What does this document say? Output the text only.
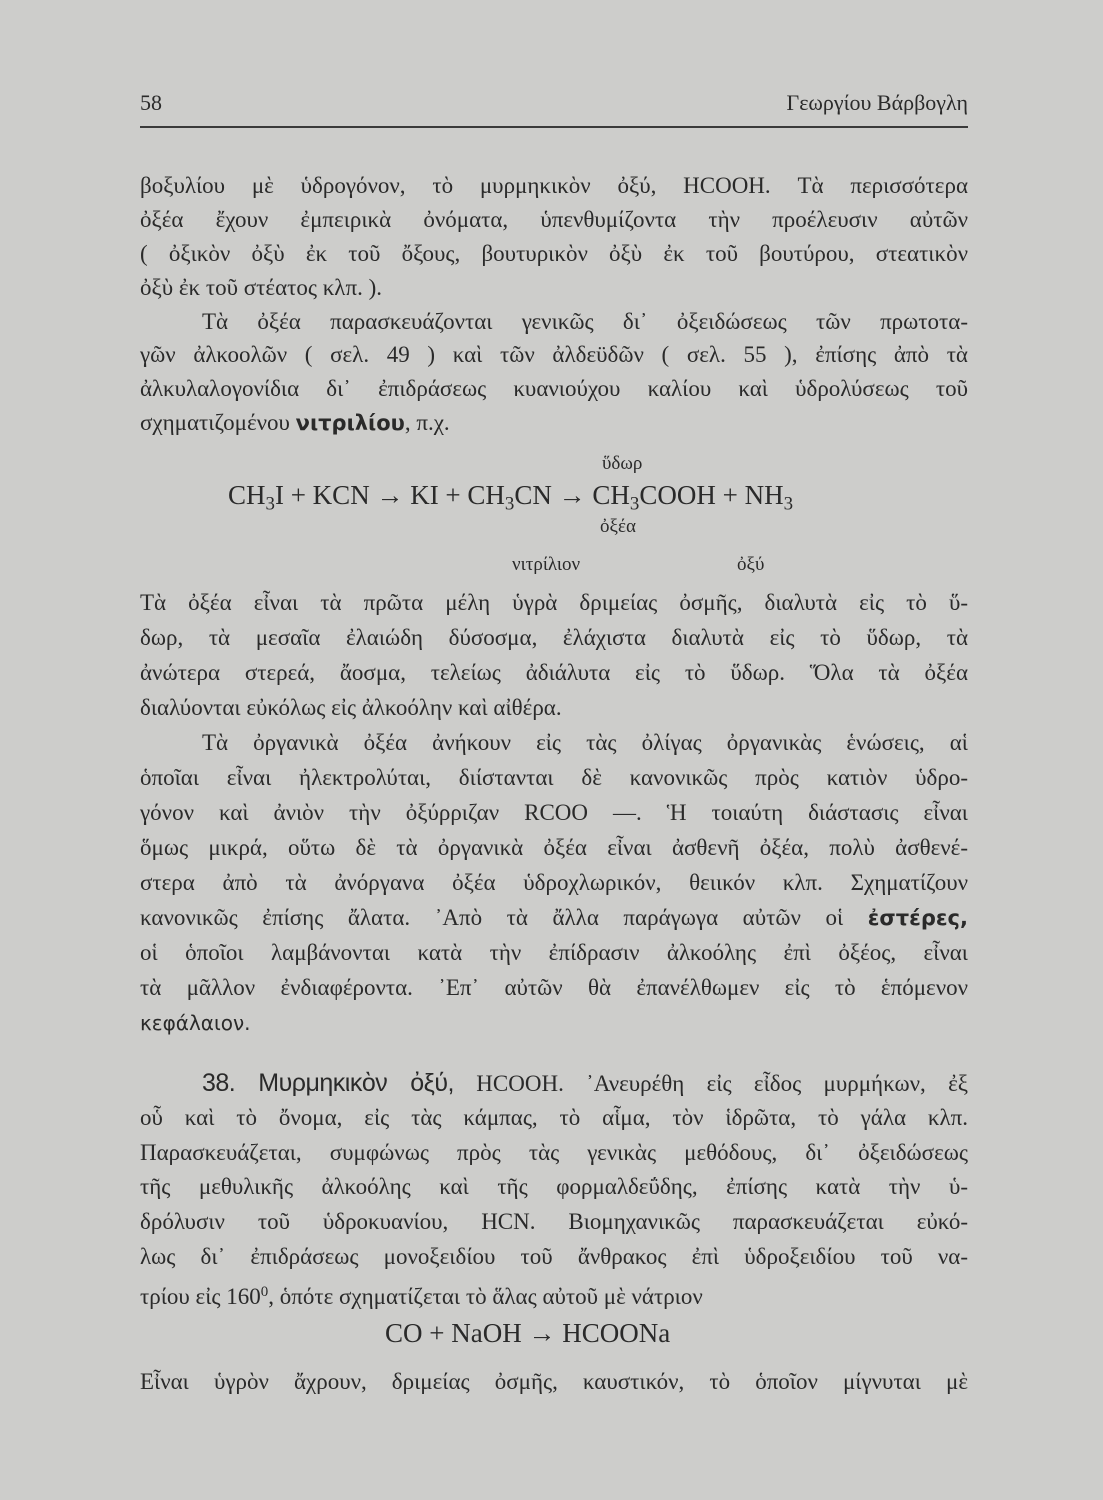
58	Γεωργίου Βάρβογλη
βοξυλίου μὲ ὑδρογόνον, τὸ μυρμηκικὸν ὀξύ, HCOOH. Τὰ περισσότερα
ὀξέα ἔχουν ἐμπειρικὰ ὀνόματα, ὑπενθυμίζοντα τὴν προέλευσιν αὐτῶν
( ὀξικὸν ὀξὺ ἐκ τοῦ ὄξους, βουτυρικὸν ὀξὺ ἐκ τοῦ βουτύρου, στεατικὸν
ὀξὺ ἐκ τοῦ στέατος κλπ. ).
Τὰ ὀξέα παρασκευάζονται γενικῶς δι᾿ ὀξειδώσεως τῶν πρωτοτα-
γῶν ἀλκοολῶν ( σελ. 49 ) καὶ τῶν ἀλδεϋδῶν ( σελ. 55 ), ἐπίσης ἀπὸ τὰ
ἀλκυλαλογονίδια δι᾿ ἐπιδράσεως κυανιούχου καλίου καὶ ὑδρολύσεως τοῦ
σχηματιζομένου νιτριλίου, π.χ.
$CH_3I$ + KCN → KI + $CH_3CN$ → $CH_3COOH + NH_3$
ὕδωρ
ὀξέα
νιτρίλιον	ὀξύ
Τὰ ὀξέα εἶναι τὰ πρῶτα μέλη ὑγρὰ δριμείας ὀσμῆς, διαλυτὰ εἰς τὸ ὕ-
δωρ, τὰ μεσαῖα ἐλαιώδη δύσοσμα, ἐλάχιστα διαλυτὰ εἰς τὸ ὕδωρ, τὰ
ἀνώτερα στερεά, ἄοσμα, τελείως ἀδιάλυτα εἰς τὸ ὕδωρ. Ὅλα τὰ ὀξέα
διαλύονται εὐκόλως εἰς ἀλκοόλην καὶ αἰθέρα.
Τὰ ὀργανικὰ ὀξέα ἀνήκουν εἰς τὰς ὀλίγας ὀργανικὰς ἑνώσεις, αἱ
ὁποῖαι εἶναι ἠλεκτρολύται, διίστανται δὲ κανονικῶς πρὸς κατιὸν ὑδρο-
γόνον καὶ ἀνιὸν τὴν ὀξύρριζαν RCOO —. Ἡ τοιαύτη διάστασις εἶναι
ὅμως μικρά, οὕτω δὲ τὰ ὀργανικὰ ὀξέα εἶναι ἀσθενῆ ὀξέα, πολὺ ἀσθενέ-
στερα ἀπὸ τὰ ἀνόργανα ὀξέα ὑδροχλωρικόν, θειικόν κλπ. Σχηματίζουν
κανονικῶς ἐπίσης ἄλατα. ᾿Απὸ τὰ ἄλλα παράγωγα αὐτῶν οἱ ἐστέρες,
οἱ ὁποῖοι λαμβάνονται κατὰ τὴν ἐπίδρασιν ἀλκοόλης ἐπὶ ὀξέος, εἶναι
τὰ μᾶλλον ἐνδιαφέροντα. ᾿Επ᾿ αὐτῶν θὰ ἐπανέλθωμεν εἰς τὸ ἑπόμενον
κεφάλαιον.
38. Μυρμηκικὸν ὀξύ, HCOOH. ᾿Ανευρέθη εἰς εἶδος μυρμήκων, ἐξ
οὗ καὶ τὸ ὄνομα, εἰς τὰς κάμπας, τὸ αἷμα, τὸν ἱδρῶτα, τὸ γάλα κλπ.
Παρασκευάζεται, συμφώνως πρὸς τὰς γενικὰς μεθόδους, δι᾿ ὀξειδώσεως
τῆς μεθυλικῆς ἀλκοόλης καὶ τῆς φορμαλδεΰδης, ἐπίσης κατὰ τὴν ὑ-
δρόλυσιν τοῦ ὑδροκυανίου, HCN. Βιομηχανικῶς παρασκευάζεται εὐκό-
λως δι᾿ ἐπιδράσεως μονοξειδίου τοῦ ἄνθρακος ἐπὶ ὑδροξειδίου τοῦ να-
τρίου εἰς $160^0$, ὁπότε σχηματίζεται τὸ ἅλας αὐτοῦ μὲ νάτριον
CO + NaOH → HCOONa
Εἶναι ὑγρὸν ἄχρουν, δριμείας ὀσμῆς, καυστικόν, τὸ ὁποῖον μίγνυται μὲ
